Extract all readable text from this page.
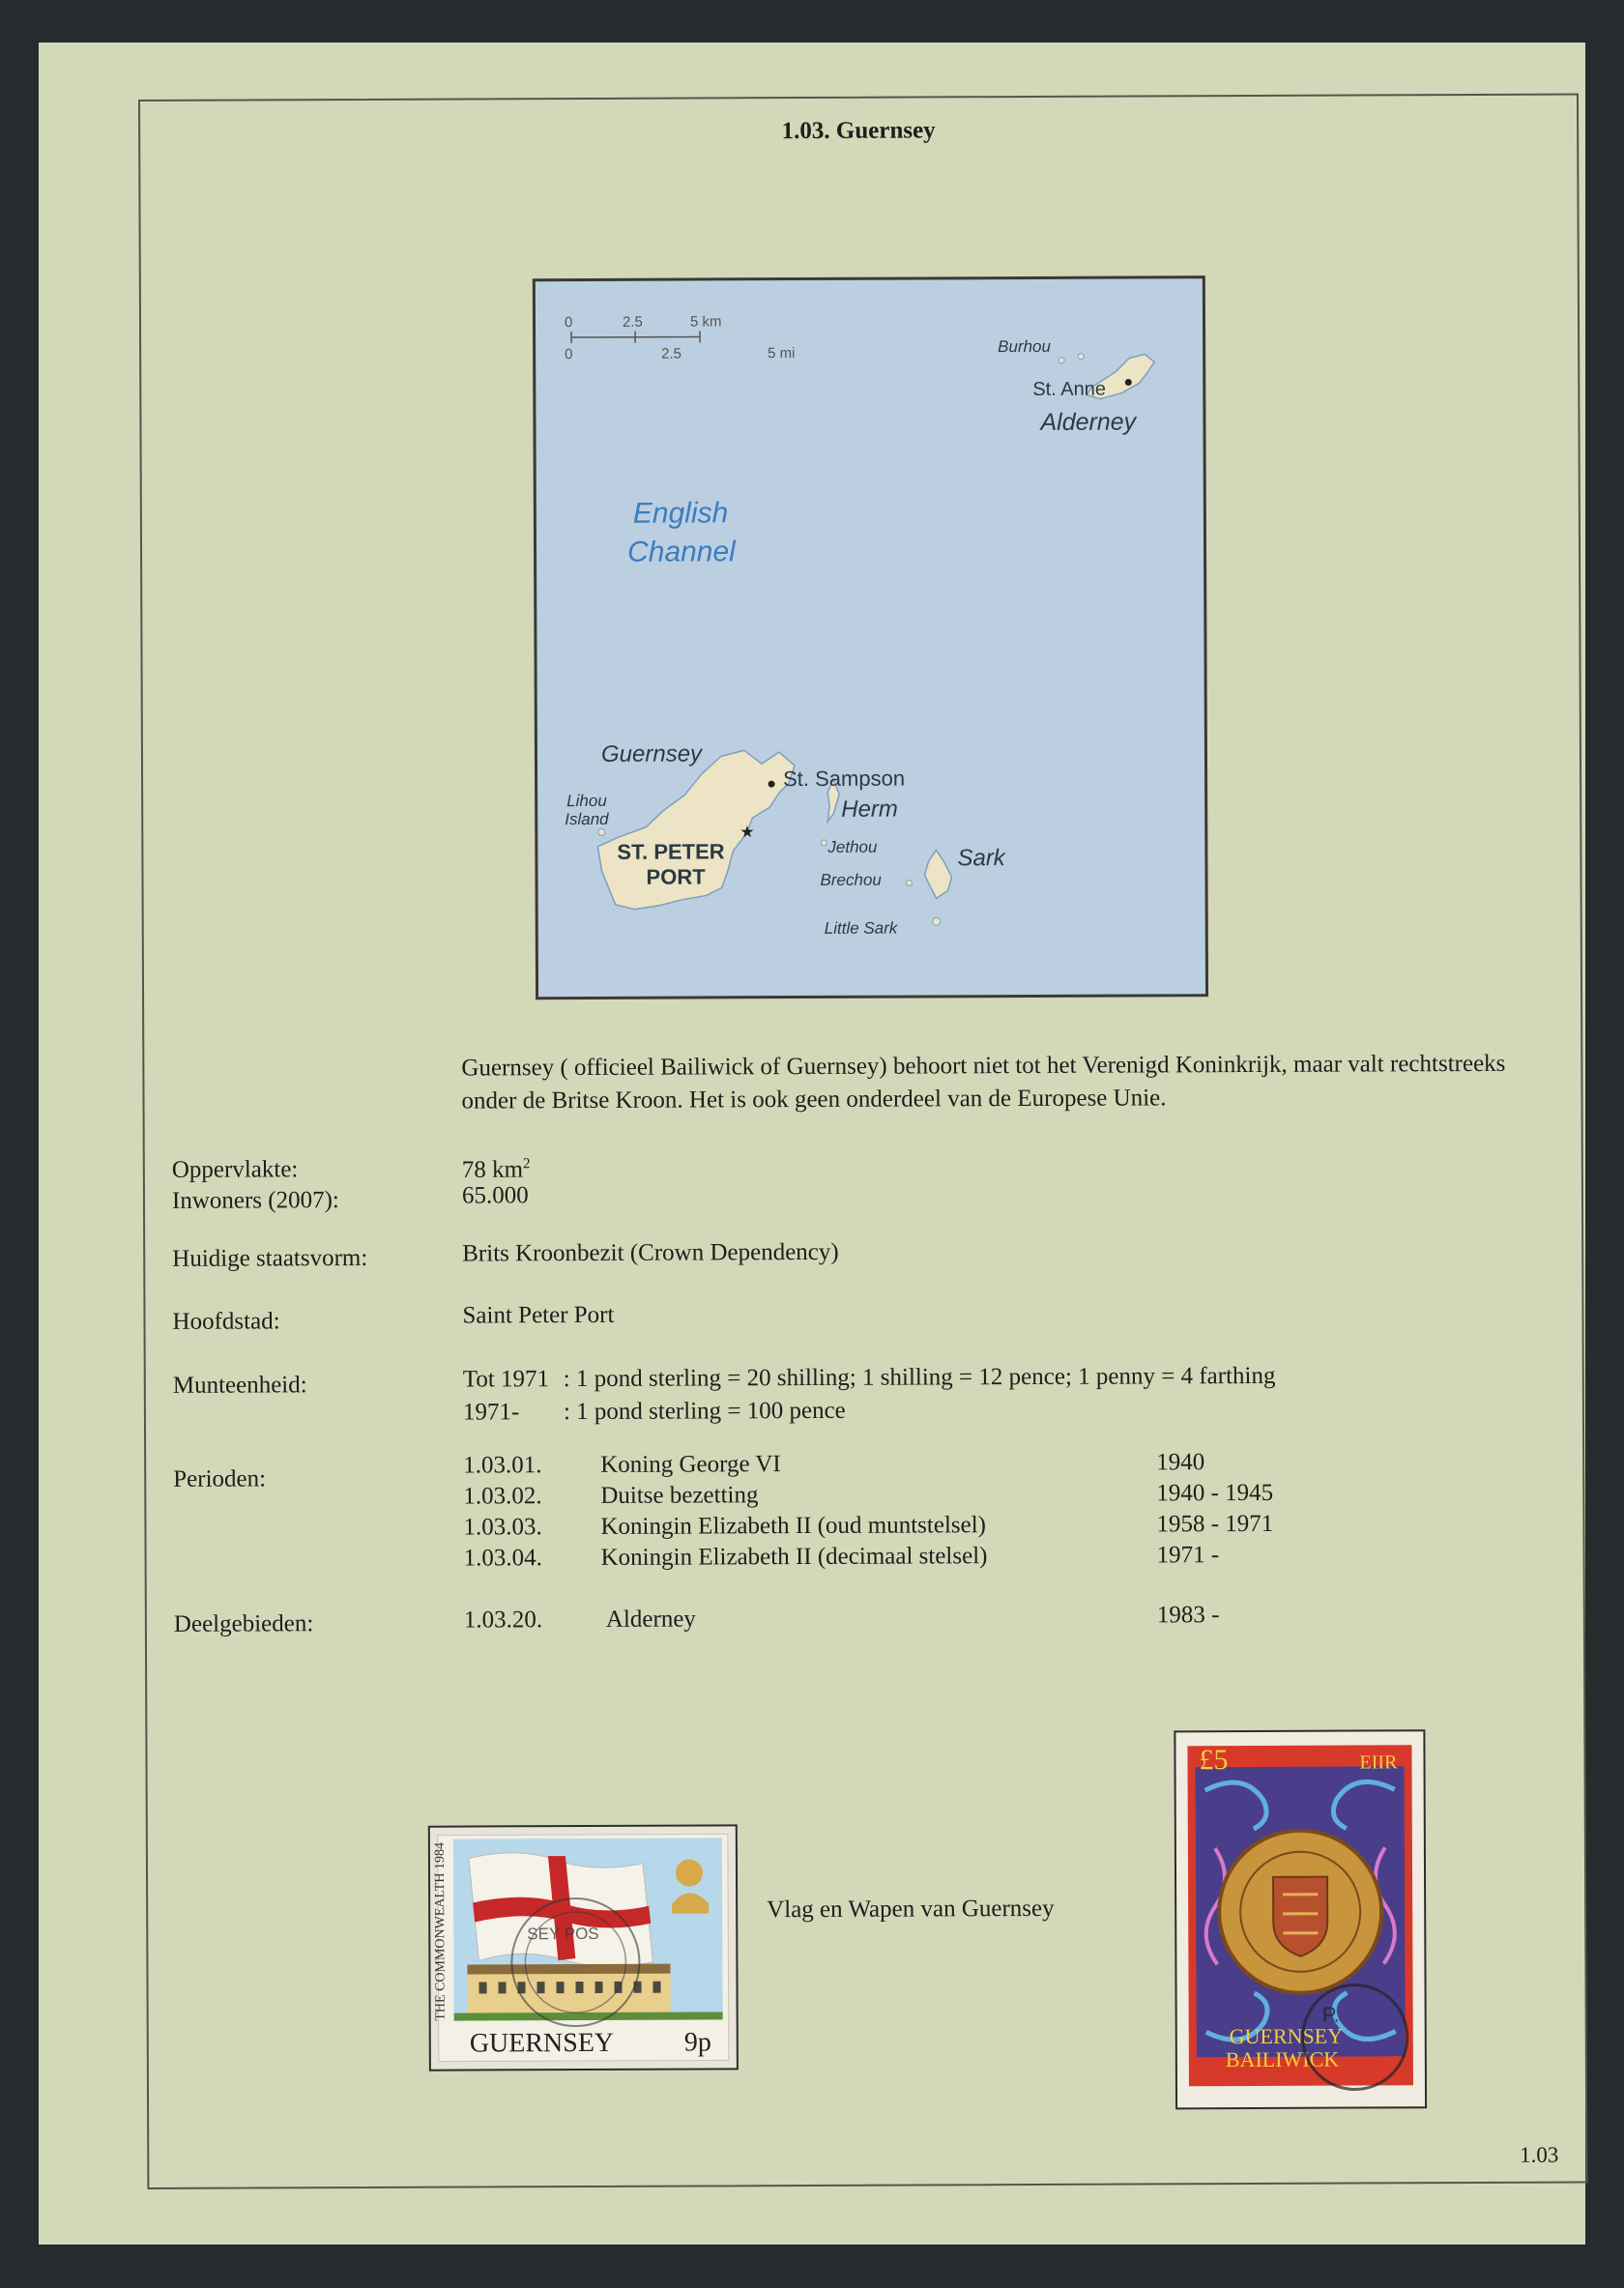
1.03. Guernsey
0	2.5	5 km
0	2.5	5 mi
★
Burhou
St. Anne
Alderney
English
Channel
Guernsey
St. Sampson
Lihou
Island	Herm
ST. PETER
PORT
Jethou
Brechou
Sark
Little Sark
Guernsey ( officieel Bailiwick of Guernsey) behoort niet tot het Verenigd Koninkrijk, maar valt rechtstreeks onder de Britse Kroon. Het is ook geen onderdeel van de Europese Unie.
Oppervlakte:	78 $km^2$
Inwoners (2007):	65.000
Huidige staatsvorm:	Brits Kroonbezit (Crown Dependency)
Hoofdstad:	Saint Peter Port
Munteenheid:	Tot 1971 : 1 pond sterling = 20 shilling; 1 shilling = 12 pence; 1 penny = 4 farthing
1971- : 1 pond sterling = 100 pence
Perioden:
1.03.01. Koning George VI	1940
1.03.02. Duitse bezetting	1940 - 1945
1.03.03. Koningin Elizabeth II (oud muntstelsel)	1958 - 1971
1.03.04. Koningin Elizabeth II (decimaal stelsel)	1971 -
Deelgebieden:	1.03.20.	Alderney	1983 -
THE COMMONWEALTH 1984
GUERNSEY	9p
SEY POS
Vlag en Wapen van Guernsey
£5	EIIR
GUERNSEY
BAILIWICK
P.
1.03
